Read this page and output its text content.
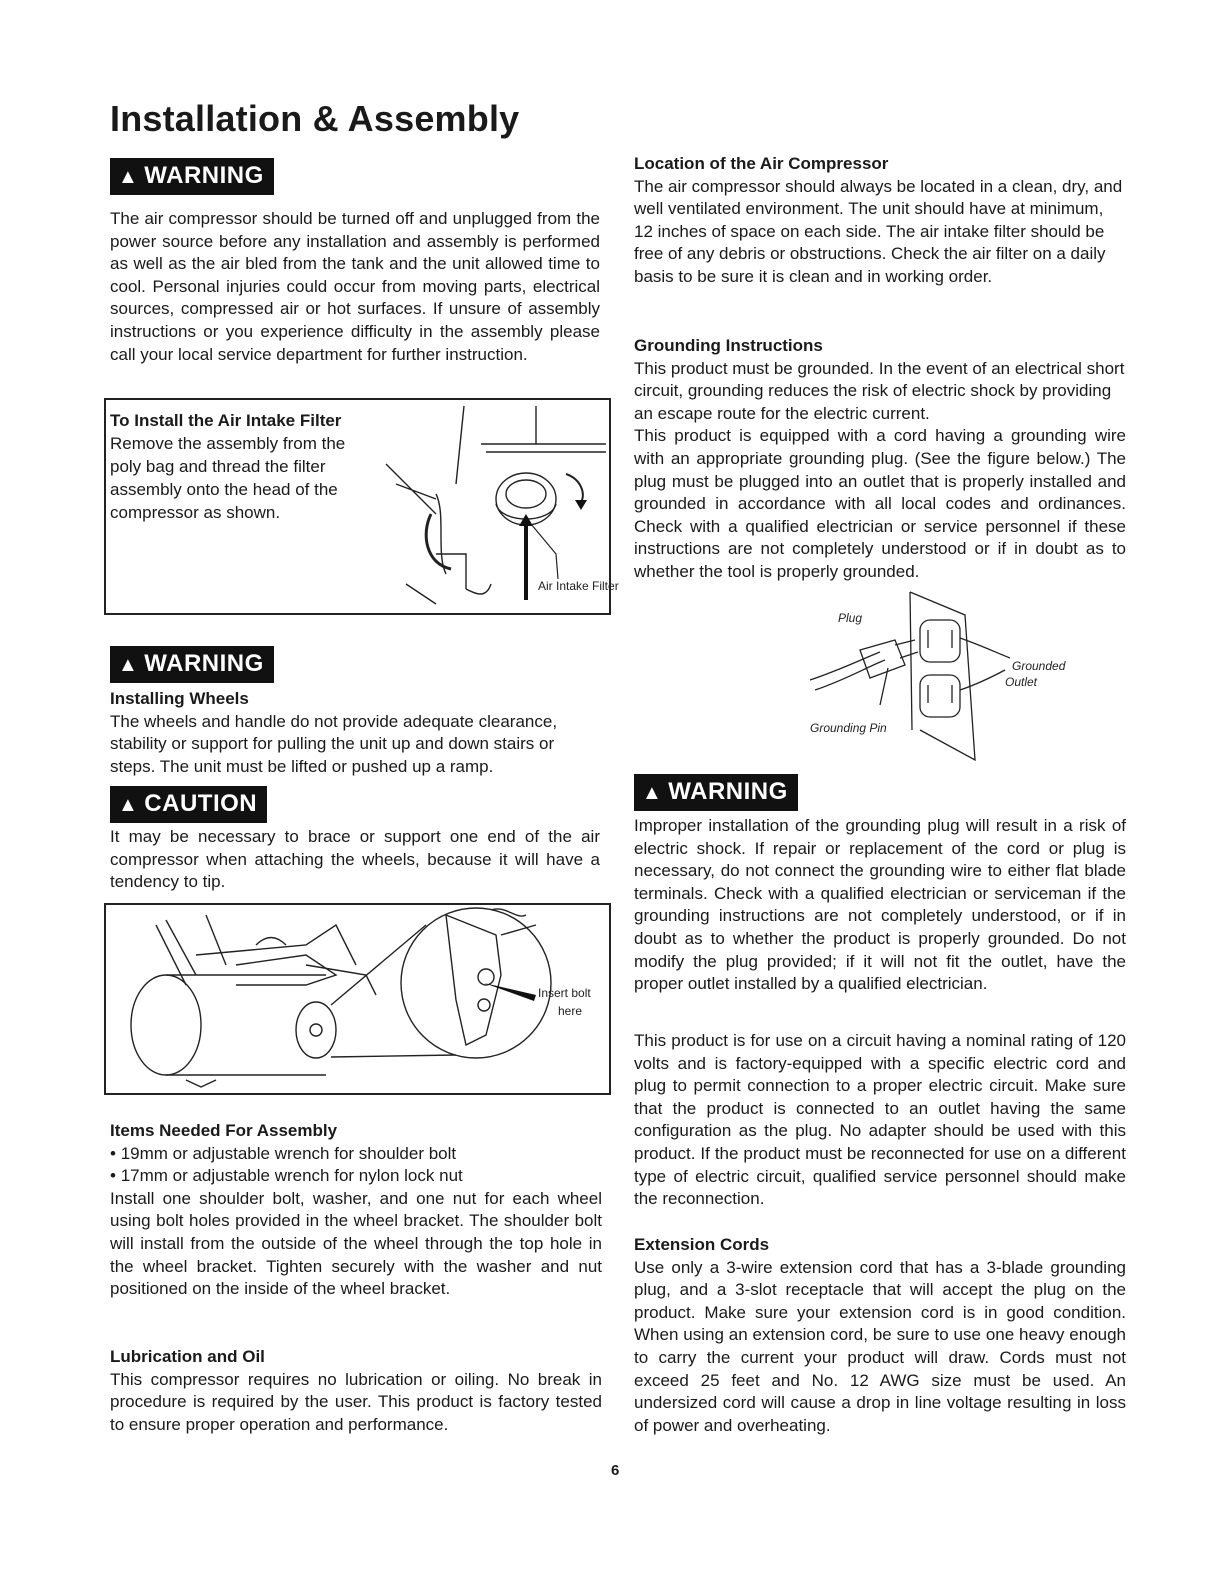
Installation & Assembly
▲ WARNING

The air compressor should be turned off and unplugged from the power source before any installation and assembly is performed as well as the air bled from the tank and the unit allowed time to cool. Personal injuries could occur from moving parts, electrical sources, compressed air or hot surfaces. If unsure of assembly instructions or you experience difficulty in the assembly please call your local service department for further instruction.

To Install the Air Intake Filter
Remove the assembly from the poly bag and thread the filter assembly onto the head of the compressor as shown.
Air Intake Filter
▲ WARNING
Installing Wheels

The wheels and handle do not provide adequate clearance, stability or support for pulling the unit up and down stairs or steps. The unit must be lifted or pushed up a ramp.

▲ CAUTION

It may be necessary to brace or support one end of the air compressor when attaching the wheels, because it will have a tendency to tip.

Insert bolt
here
Items Needed For Assembly
• 19mm or adjustable wrench for shoulder bolt
• 17mm or adjustable wrench for nylon lock nut

Install one shoulder bolt, washer, and one nut for each wheel using bolt holes provided in the wheel bracket. The shoulder bolt will install from the outside of the wheel through the top hole in the wheel bracket. Tighten securely with the washer and nut positioned on the inside of the wheel bracket.

Lubrication and Oil

This compressor requires no lubrication or oiling. No break in procedure is required by the user. This product is factory tested to ensure proper operation and performance.

Location of the Air Compressor

The air compressor should always be located in a clean, dry, and well ventilated environment. The unit should have at minimum, 12 inches of space on each side. The air intake filter should be free of any debris or obstructions. Check the air filter on a daily basis to be sure it is clean and in working order.

Grounding Instructions

This product must be grounded. In the event of an electrical short circuit, grounding reduces the risk of electric shock by providing an escape route for the electric current.

This product is equipped with a cord having a grounding wire with an appropriate grounding plug. (See the figure below.) The plug must be plugged into an outlet that is properly installed and grounded in accordance with all local codes and ordinances. Check with a qualified electrician or service personnel if these instructions are not completely understood or if in doubt as to whether the tool is properly grounded.

Plug
Grounded
Outlet
Grounding Pin
▲ WARNING

Improper installation of the grounding plug will result in a risk of electric shock. If repair or replacement of the cord or plug is necessary, do not connect the grounding wire to either flat blade terminals. Check with a qualified electrician or serviceman if the grounding instructions are not completely understood, or if in doubt as to whether the product is properly grounded. Do not modify the plug provided; if it will not fit the outlet, have the proper outlet installed by a qualified electrician.

This product is for use on a circuit having a nominal rating of 120 volts and is factory-equipped with a specific electric cord and plug to permit connection to a proper electric circuit. Make sure that the product is connected to an outlet having the same configuration as the plug. No adapter should be used with this product. If the product must be reconnected for use on a different type of electric circuit, qualified service personnel should make the reconnection.

Extension Cords

Use only a 3-wire extension cord that has a 3-blade grounding plug, and a 3-slot receptacle that will accept the plug on the product. Make sure your extension cord is in good condition. When using an extension cord, be sure to use one heavy enough to carry the current your product will draw. Cords must not exceed 25 feet and No. 12 AWG size must be used. An undersized cord will cause a drop in line voltage resulting in loss of power and overheating.

6
